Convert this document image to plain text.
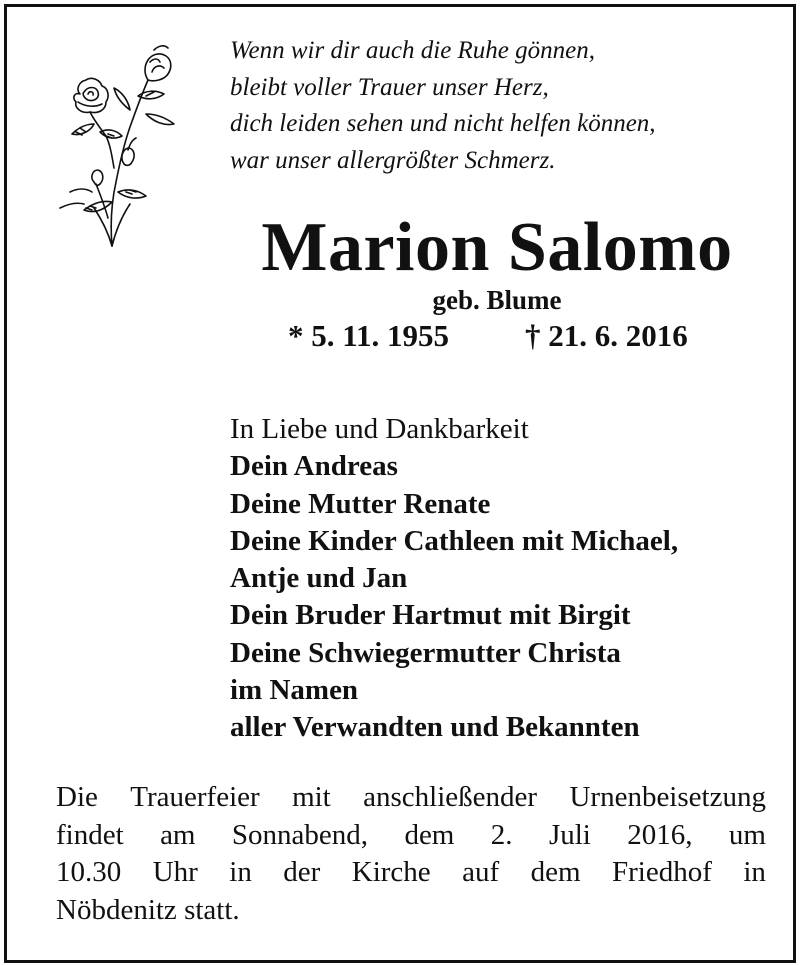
Wenn wir dir auch die Ruhe gönnen,
bleibt voller Trauer unser Herz,
dich leiden sehen und nicht helfen können,
war unser allergrößter Schmerz.
Marion Salomo
geb. Blume
* 5. 11. 1955 † 21. 6. 2016
In Liebe und Dankbarkeit
Dein Andreas
Deine Mutter Renate
Deine Kinder Cathleen mit Michael,
Antje und Jan
Dein Bruder Hartmut mit Birgit
Deine Schwiegermutter Christa
im Namen
aller Verwandten und Bekannten
Die Trauerfeier mit anschließender Urnenbeisetzung
findet am Sonnabend, dem 2. Juli 2016, um
10.30 Uhr in der Kirche auf dem Friedhof in
Nöbdenitz
statt.
